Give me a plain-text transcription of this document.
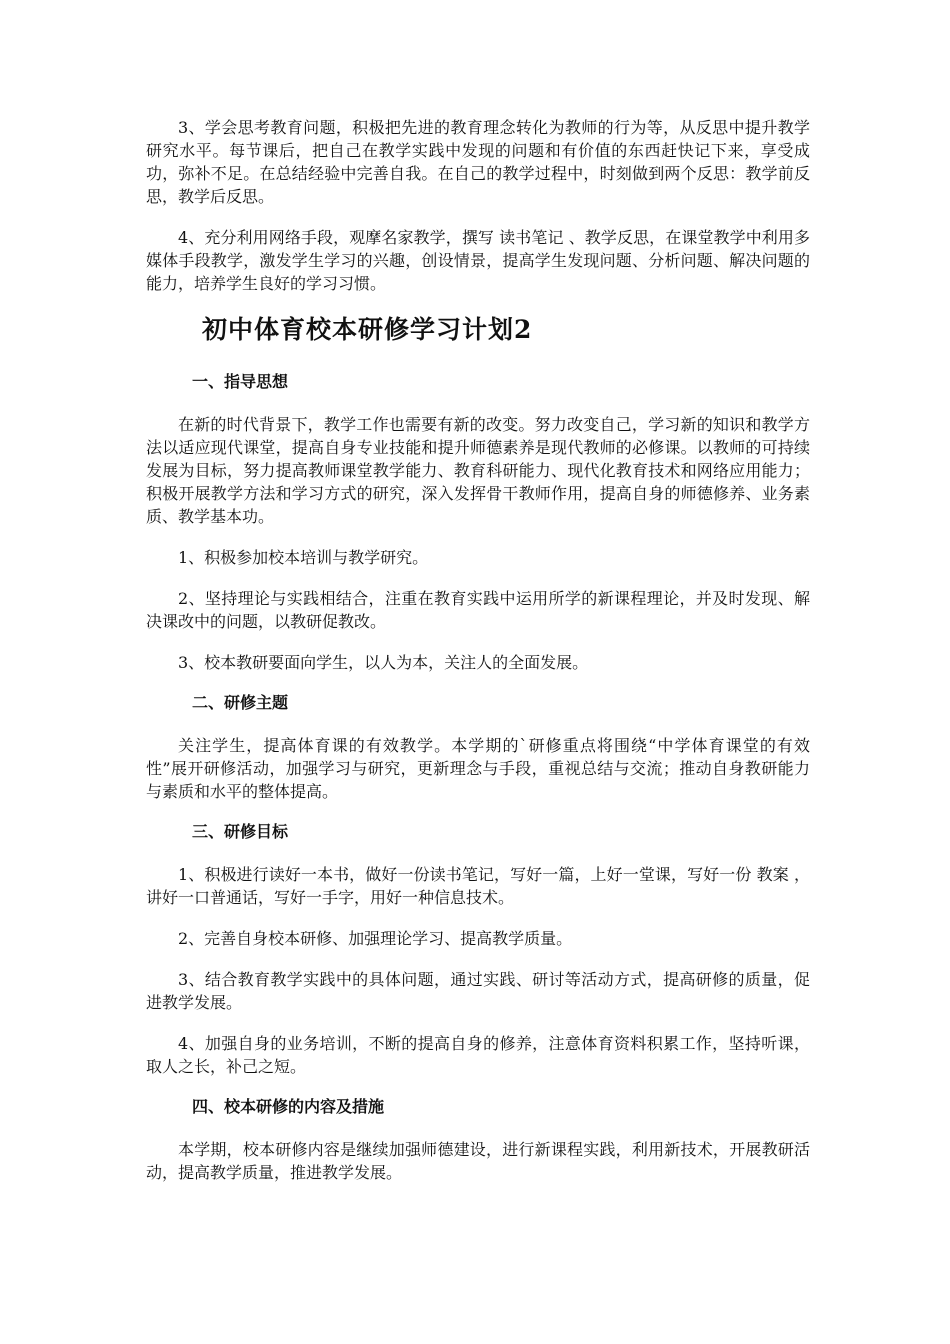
3、学会思考教育问题，积极把先进的教育理念转化为教师的行为等，从反思中提升教学研究水平。每节课后，把自己在教学实践中发现的问题和有价值的东西赶快记下来，享受成功，弥补不足。在总结经验中完善自我。在自己的教学过程中，时刻做到两个反思：教学前反思，教学后反思。

4、充分利用网络手段，观摩名家教学，撰写 读书笔记 、教学反思，在课堂教学中利用多媒体手段教学，激发学生学习的兴趣，创设情景，提高学生发现问题、分析问题、解决问题的能力，培养学生良好的学习习惯。

初中体育校本研修学习计划2
一、指导思想

在新的时代背景下，教学工作也需要有新的改变。努力改变自己，学习新的知识和教学方法以适应现代课堂，提高自身专业技能和提升师德素养是现代教师的必修课。以教师的可持续发展为目标，努力提高教师课堂教学能力、教育科研能力、现代化教育技术和网络应用能力；积极开展教学方法和学习方式的研究，深入发挥骨干教师作用，提高自身的师德修养、业务素质、教学基本功。

1、积极参加校本培训与教学研究。

2、坚持理论与实践相结合，注重在教育实践中运用所学的新课程理论，并及时发现、解决课改中的问题，以教研促教改。

3、校本教研要面向学生，以人为本，关注人的全面发展。

二、研修主题

关注学生，提高体育课的有效教学。本学期的`研修重点将围绕“中学体育课堂的有效性”展开研修活动，加强学习与研究，更新理念与手段，重视总结与交流；推动自身教研能力与素质和水平的整体提高。

三、研修目标

1、积极进行读好一本书，做好一份读书笔记，写好一篇，上好一堂课，写好一份 教案 ，讲好一口普通话，写好一手字，用好一种信息技术。

2、完善自身校本研修、加强理论学习、提高教学质量。

3、结合教育教学实践中的具体问题，通过实践、研讨等活动方式，提高研修的质量，促进教学发展。

4、加强自身的业务培训，不断的提高自身的修养，注意体育资料积累工作，坚持听课，取人之长，补己之短。

四、校本研修的内容及措施

本学期，校本研修内容是继续加强师德建设，进行新课程实践，利用新技术，开展教研活动，提高教学质量，推进教学发展。
